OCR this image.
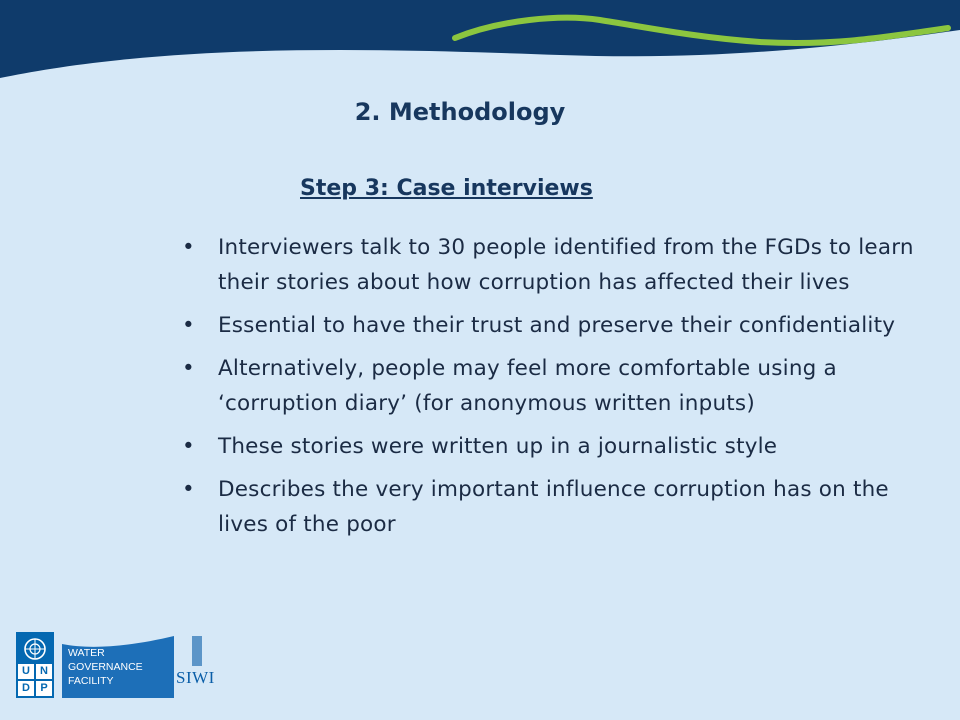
2. Methodology
Step 3: Case interviews
• Interviewers talk to 30 people identified from the FGDs to learn their stories about how corruption has affected their lives
• Essential to have their trust and preserve their confidentiality
• Alternatively, people may feel more comfortable using a ‘corruption diary’ (for anonymous written inputs)
• These stories were written up in a journalistic style
• Describes the very important influence corruption has on the lives of the poor
U N
D P
WATER
GOVERNANCE
FACILITY	SIWI
